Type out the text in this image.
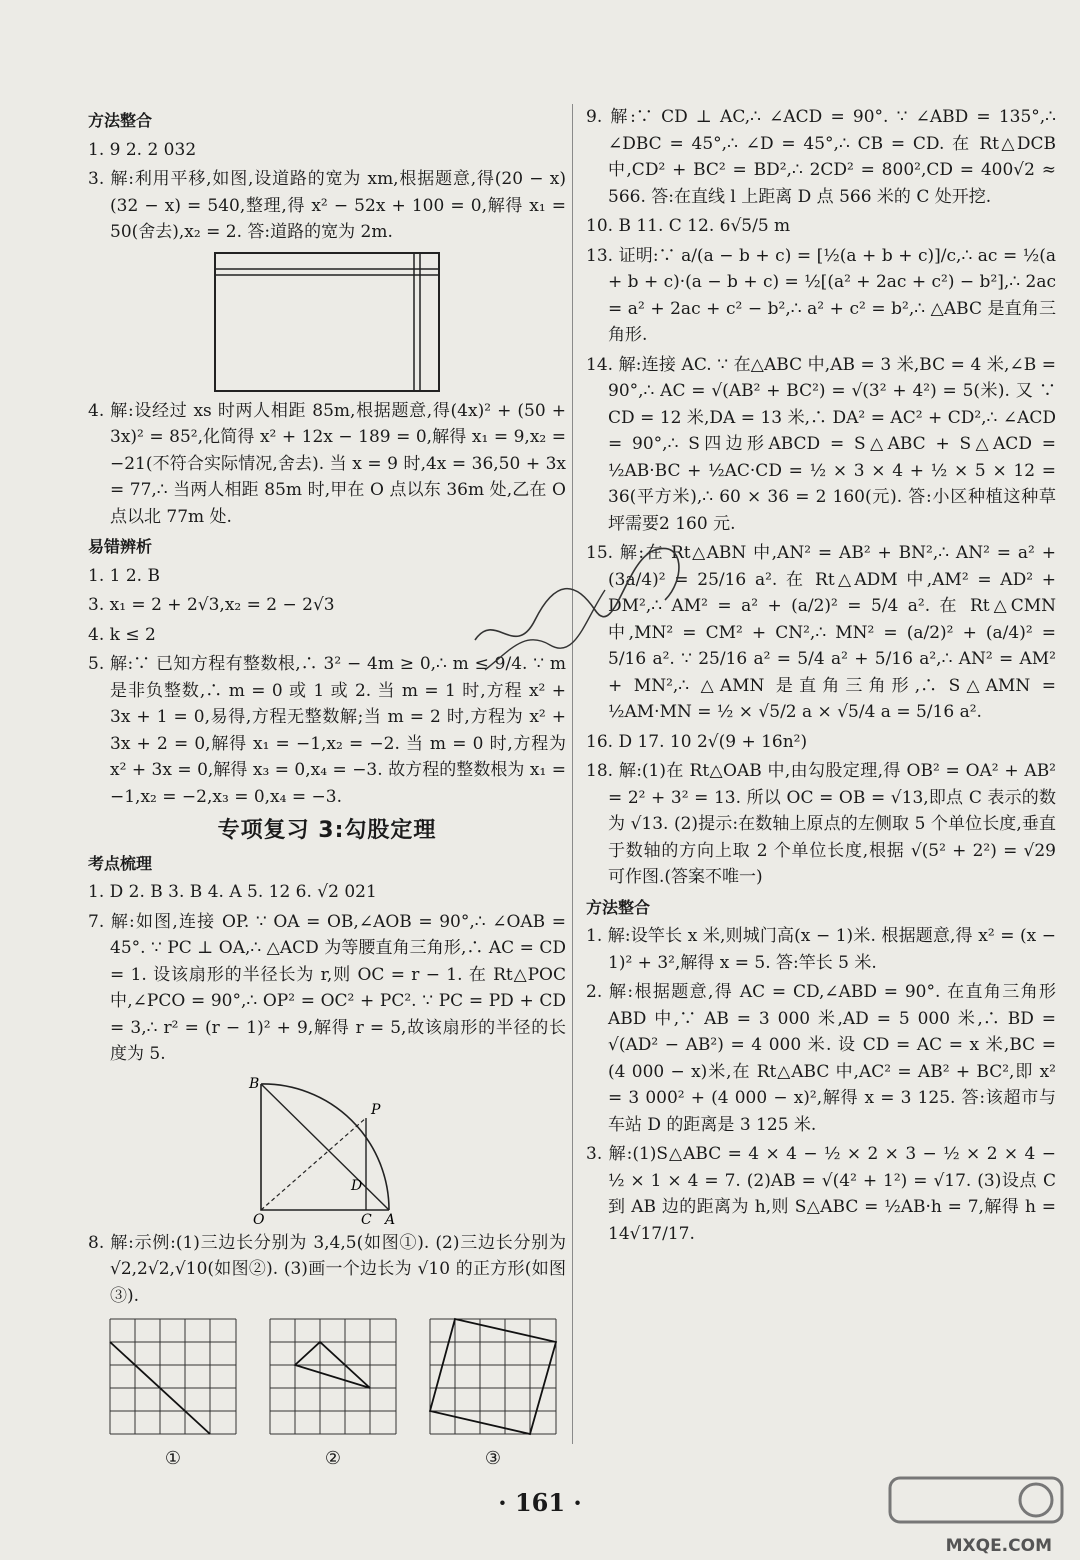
方法整合

1. 9 2. 2 032

3. 解:利用平移,如图,设道路的宽为 xm,根据题意,得(20 − x)(32 − x) = 540,整理,得 x² − 52x + 100 = 0,解得 x₁ = 50(舍去),x₂ = 2. 答:道路的宽为 2m.

4. 解:设经过 xs 时两人相距 85m,根据题意,得(4x)² + (50 + 3x)² = 85²,化简得 x² + 12x − 189 = 0,解得 x₁ = 9,x₂ = −21(不符合实际情况,舍去). 当 x = 9 时,4x = 36,50 + 3x = 77,∴ 当两人相距 85m 时,甲在 O 点以东 36m 处,乙在 O 点以北 77m 处.

易错辨析

1. 1 2. B

3. x₁ = 2 + 2√3,x₂ = 2 − 2√3

4. k ≤ 2

5. 解:∵ 已知方程有整数根,∴ 3² − 4m ≥ 0,∴ m ≤ 9/4. ∵ m 是非负整数,∴ m = 0 或 1 或 2. 当 m = 1 时,方程 x² + 3x + 1 = 0,易得,方程无整数解;当 m = 2 时,方程为 x² + 3x + 2 = 0,解得 x₁ = −1,x₂ = −2. 当 m = 0 时,方程为 x² + 3x = 0,解得 x₃ = 0,x₄ = −3. 故方程的整数根为 x₁ = −1,x₂ = −2,x₃ = 0,x₄ = −3.

专项复习 3:勾股定理
考点梳理

1. D 2. B 3. B 4. A 5. 12 6. √2 021

7. 解:如图,连接 OP. ∵ OA = OB,∠AOB = 90°,∴ ∠OAB = 45°. ∵ PC ⊥ OA,∴ △ACD 为等腰直角三角形,∴ AC = CD = 1. 设该扇形的半径长为 r,则 OC = r − 1. 在 Rt△POC 中,∠PCO = 90°,∴ OP² = OC² + PC². ∵ PC = PD + CD = 3,∴ r² = (r − 1)² + 9,解得 r = 5,故该扇形的半径的长度为 5.

B
P
D
O	C A

8. 解:示例:(1)三边长分别为 3,4,5(如图①). (2)三边长分别为 √2,2√2,√10(如图②). (3)画一个边长为 √10 的正方形(如图③).

①	②	③

9. 解:∵ CD ⊥ AC,∴ ∠ACD = 90°. ∵ ∠ABD = 135°,∴ ∠DBC = 45°,∴ ∠D = 45°,∴ CB = CD. 在 Rt△DCB 中,CD² + BC² = BD²,∴ 2CD² = 800²,CD = 400√2 ≈ 566. 答:在直线 l 上距离 D 点 566 米的 C 处开挖.

10. B 11. C 12. 6√5/5 m

13. 证明:∵ a/(a − b + c) = [½(a + b + c)]/c,∴ ac = ½(a + b + c)·(a − b + c) = ½[(a² + 2ac + c²) − b²],∴ 2ac = a² + 2ac + c² − b²,∴ a² + c² = b²,∴ △ABC 是直角三角形.

14. 解:连接 AC. ∵ 在△ABC 中,AB = 3 米,BC = 4 米,∠B = 90°,∴ AC = √(AB² + BC²) = √(3² + 4²) = 5(米). 又 ∵ CD = 12 米,DA = 13 米,∴ DA² = AC² + CD²,∴ ∠ACD = 90°,∴ S四边形ABCD = S△ABC + S△ACD = ½AB·BC + ½AC·CD = ½ × 3 × 4 + ½ × 5 × 12 = 36(平方米),∴ 60 × 36 = 2 160(元). 答:小区种植这种草坪需要2 160 元.

15. 解:在 Rt△ABN 中,AN² = AB² + BN²,∴ AN² = a² + (3a/4)² = 25/16 a². 在 Rt△ADM 中,AM² = AD² + DM²,∴ AM² = a² + (a/2)² = 5/4 a². 在 Rt△CMN 中,MN² = CM² + CN²,∴ MN² = (a/2)² + (a/4)² = 5/16 a². ∵ 25/16 a² = 5/4 a² + 5/16 a²,∴ AN² = AM² + MN²,∴ △AMN 是直角三角形,∴ S△AMN = ½AM·MN = ½ × √5/2 a × √5/4 a = 5/16 a².

16. D 17. 10 2√(9 + 16n²)

18. 解:(1)在 Rt△OAB 中,由勾股定理,得 OB² = OA² + AB² = 2² + 3² = 13. 所以 OC = OB = √13,即点 C 表示的数为 √13. (2)提示:在数轴上原点的左侧取 5 个单位长度,垂直于数轴的方向上取 2 个单位长度,根据 √(5² + 2²) = √29 可作图.(答案不唯一)

方法整合

1. 解:设竿长 x 米,则城门高(x − 1)米. 根据题意,得 x² = (x − 1)² + 3²,解得 x = 5. 答:竿长 5 米.

2. 解:根据题意,得 AC = CD,∠ABD = 90°. 在直角三角形 ABD 中,∵ AB = 3 000 米,AD = 5 000 米,∴ BD = √(AD² − AB²) = 4 000 米. 设 CD = AC = x 米,BC = (4 000 − x)米,在 Rt△ABC 中,AC² = AB² + BC²,即 x² = 3 000² + (4 000 − x)²,解得 x = 3 125. 答:该超市与车站 D 的距离是 3 125 米.

3. 解:(1)S△ABC = 4 × 4 − ½ × 2 × 3 − ½ × 2 × 4 − ½ × 1 × 4 = 7. (2)AB = √(4² + 1²) = √17. (3)设点 C 到 AB 边的距离为 h,则 S△ABC = ½AB·h = 7,解得 h = 14√17/17.

· 161 ·
MXQE.COM
